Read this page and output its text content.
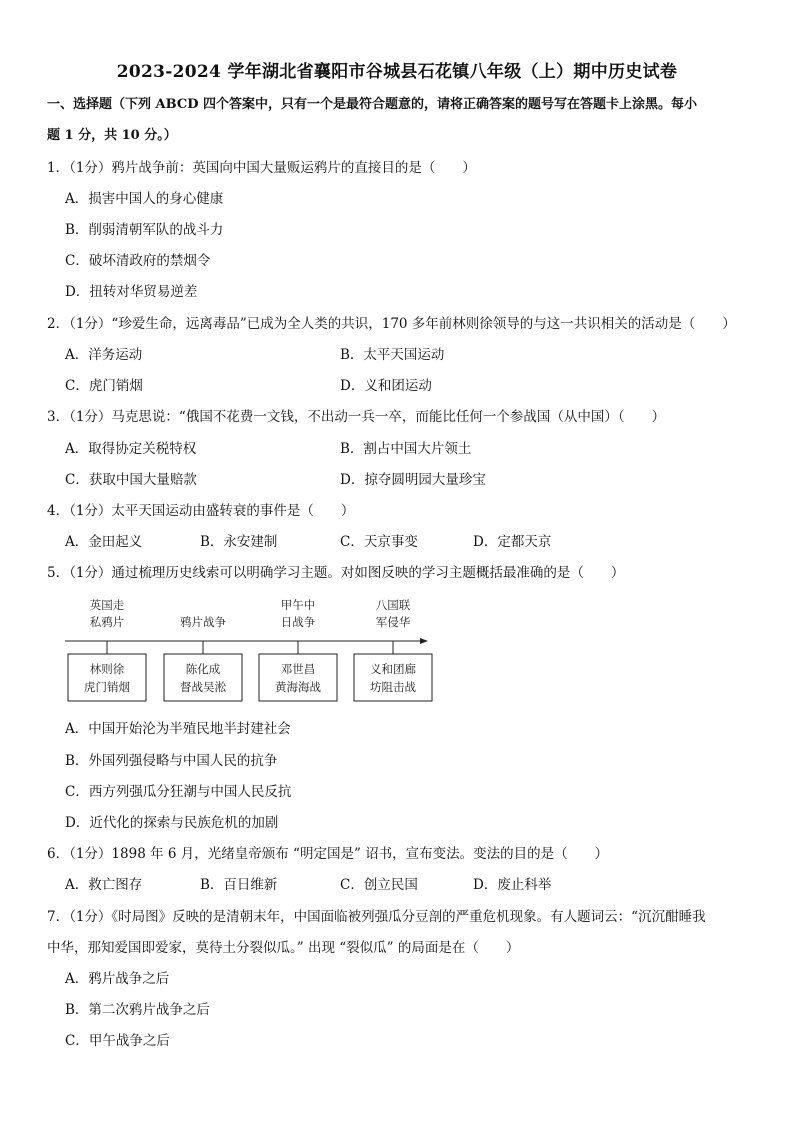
2023-2024 学年湖北省襄阳市谷城县石花镇八年级（上）期中历史试卷
一、选择题（下列 ABCD 四个答案中，只有一个是最符合题意的，请将正确答案的题号写在答题卡上涂黑。每小
题 1 分，共 10 分。）
1．（1分）鸦片战争前：英国向中国大量贩运鸦片的直接目的是（　　）
A．损害中国人的身心健康
B．削弱清朝军队的战斗力
C．破坏清政府的禁烟令
D．扭转对华贸易逆差
2．（1分）“珍爱生命，远离毒品”已成为全人类的共识，170 多年前林则徐领导的与这一共识相关的活动是（　　）
A．洋务运动	B．太平天国运动
C．虎门销烟	D．义和团运动
3．（1分）马克思说：“俄国不花费一文钱，不出动一兵一卒，而能比任何一个参战国（从中国）（　　）
A．取得协定关税特权	B．割占中国大片领土
C．获取中国大量赔款	D．掠夺圆明园大量珍宝
4．（1分）太平天国运动由盛转衰的事件是（　　）
A．金田起义	B．永安建制	C．天京事变	D．定都天京
5．（1分）通过梳理历史线索可以明确学习主题。对如图反映的学习主题概括最准确的是（　　）
英国走
私鸦片	鸦片战争
甲午中
日战争
八国联
军侵华
林则徐
虎门销烟
陈化成
督战吴淞
邓世昌
黄海海战
义和团廊
坊阻击战
A．中国开始沦为半殖民地半封建社会
B．外国列强侵略与中国人民的抗争
C．西方列强瓜分狂潮与中国人民反抗
D．近代化的探索与民族危机的加剧
6．（1分）1898 年 6 月，光绪皇帝颁布 “明定国是” 诏书，宣布变法。变法的目的是（　　）
A．救亡图存	B．百日维新	C．创立民国	D．废止科举
7．（1分）《时局图》反映的是清朝末年，中国面临被列强瓜分豆剖的严重危机现象。有人题词云：“沉沉酣睡我
中华，那知爱国即爱家，莫待土分裂似瓜。” 出现 “裂似瓜” 的局面是在（　　）
A．鸦片战争之后
B．第二次鸦片战争之后
C．甲午战争之后
